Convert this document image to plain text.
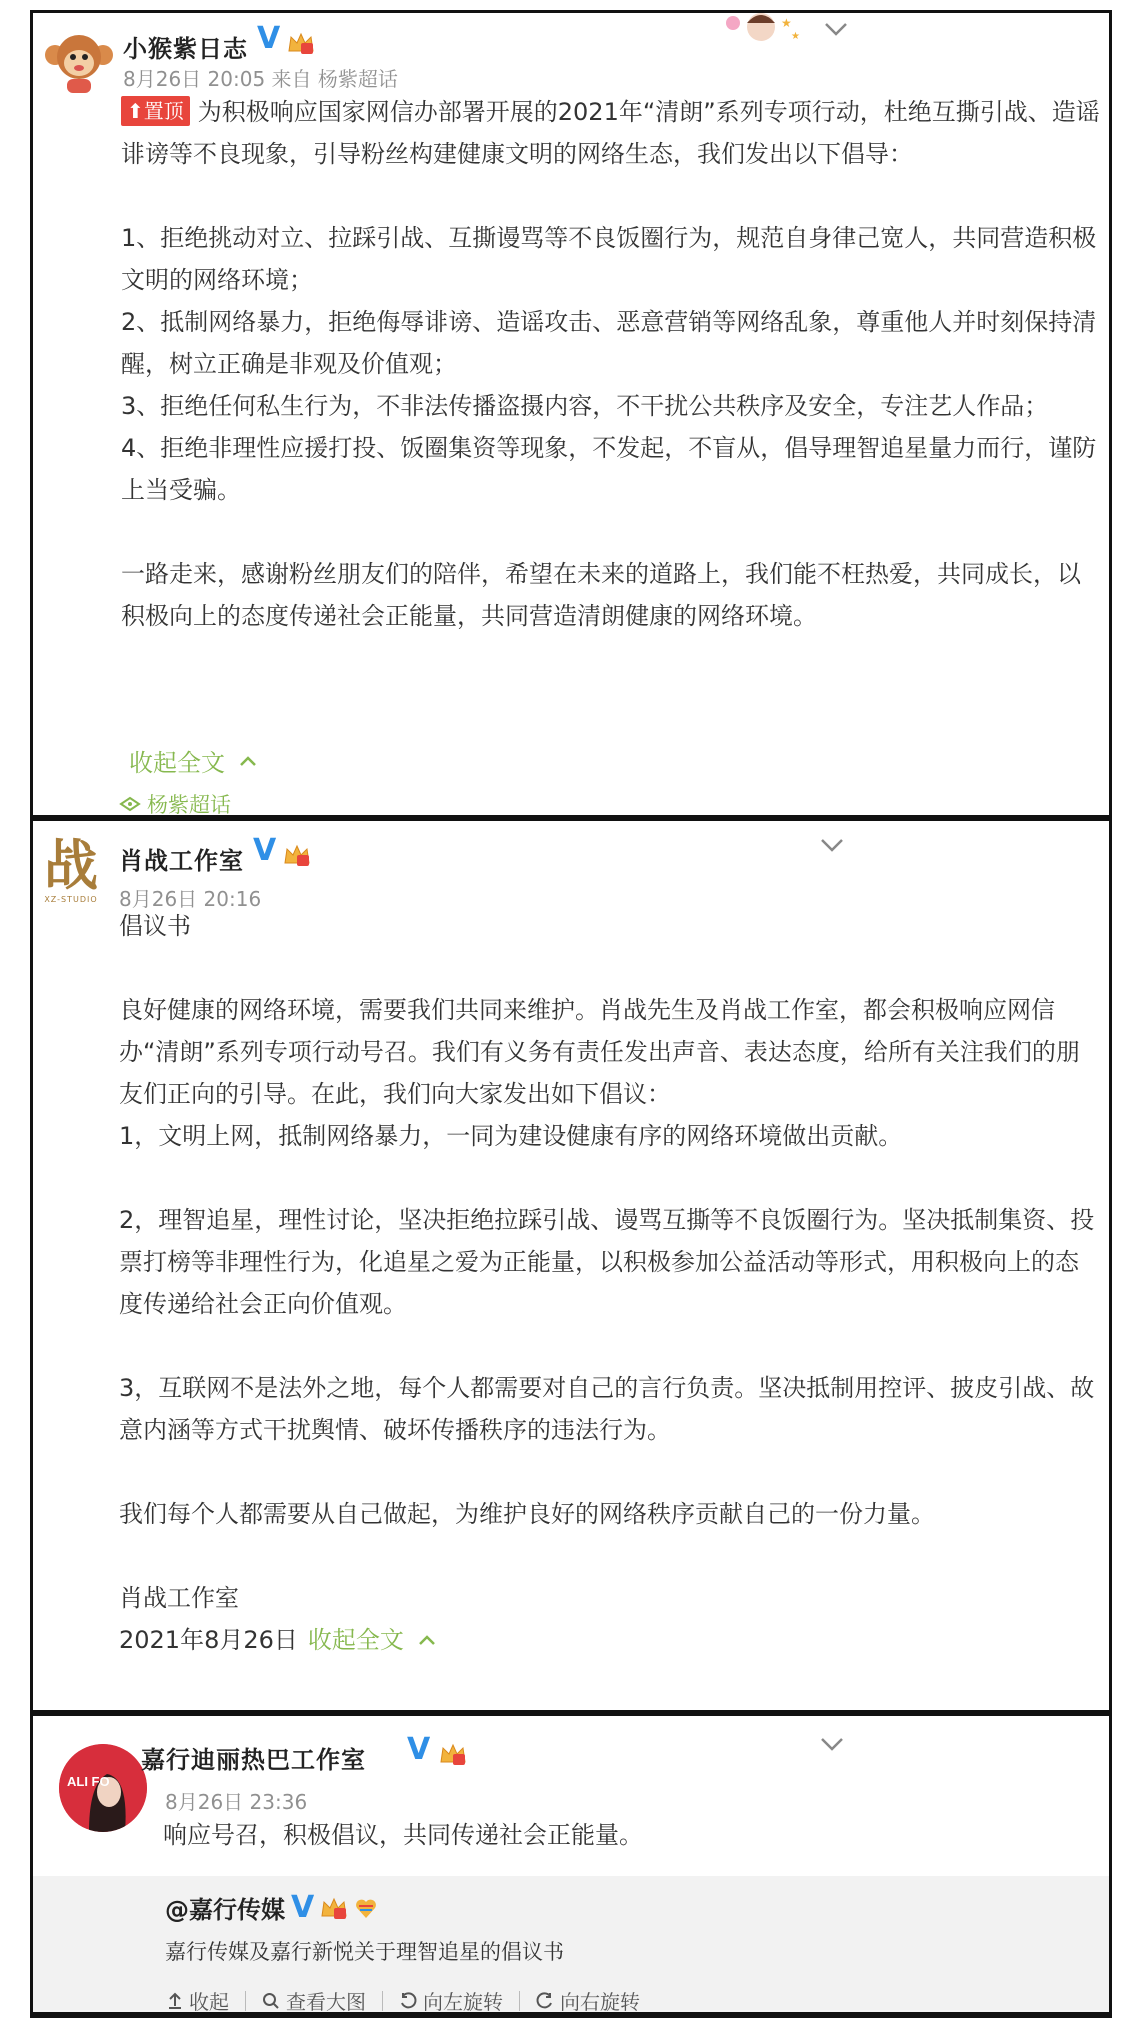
小猴紫日志 V	★
★
8月26日 20:05 来自 杨紫超话

⬆置顶 为积极响应国家网信办部署开展的2021年“清朗”系列专项行动，杜绝互撕引战、造谣诽谤等不良现象，引导粉丝构建健康文明的网络生态，我们发出以下倡导：

1、拒绝挑动对立、拉踩引战、互撕谩骂等不良饭圈行为，规范自身律己宽人，共同营造积极文明的网络环境；

2、抵制网络暴力，拒绝侮辱诽谤、造谣攻击、恶意营销等网络乱象，尊重他人并时刻保持清醒，树立正确是非观及价值观；

3、拒绝任何私生行为，不非法传播盗摄内容，不干扰公共秩序及安全，专注艺人作品；

4、拒绝非理性应援打投、饭圈集资等现象，不发起，不盲从，倡导理智追星量力而行，谨防上当受骗。

一路走来，感谢粉丝朋友们的陪伴，希望在未来的道路上，我们能不枉热爱，共同成长，以积极向上的态度传递社会正能量，共同营造清朗健康的网络环境。

收起全文
杨紫超话
战
XZ-STUDIO
肖战工作室 V
8月26日 20:16

倡议书

良好健康的网络环境，需要我们共同来维护。肖战先生及肖战工作室，都会积极响应网信办“清朗”系列专项行动号召。我们有义务有责任发出声音、表达态度，给所有关注我们的朋友们正向的引导。在此，我们向大家发出如下倡议：

1，文明上网，抵制网络暴力，一同为建设健康有序的网络环境做出贡献。

2，理智追星，理性讨论，坚决拒绝拉踩引战、谩骂互撕等不良饭圈行为。坚决抵制集资、投票打榜等非理性行为，化追星之爱为正能量，以积极参加公益活动等形式，用积极向上的态度传递给社会正向价值观。

3，互联网不是法外之地，每个人都需要对自己的言行负责。坚决抵制用控评、披皮引战、故意内涵等方式干扰舆情、破坏传播秩序的违法行为。

我们每个人都需要从自己做起，为维护良好的网络秩序贡献自己的一份力量。

肖战工作室

2021年8月26日 收起全文

ALI FO
嘉行迪丽热巴工作室 V
8月26日 23:36
响应号召，积极倡议，共同传递社会正能量。
@嘉行传媒 V
嘉行传媒及嘉行新悦关于理智追星的倡议书
收起	查看大图	向左旋转	向右旋转
